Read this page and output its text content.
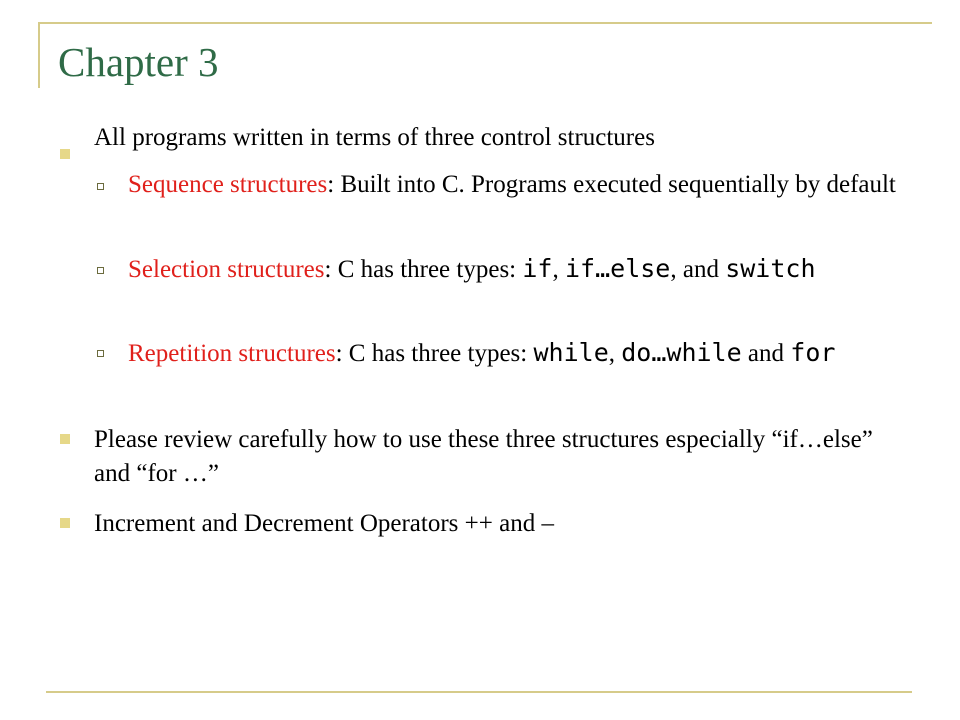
Chapter 3
All programs written in terms of three control structures
Sequence structures: Built into C. Programs executed sequentially by default
Selection structures: C has three types: if, if…else, and switch
Repetition structures: C has three types: while, do…while and for
Please review carefully how to use these three structures especially “if…else” and “for …”
Increment and Decrement Operators ++ and –
